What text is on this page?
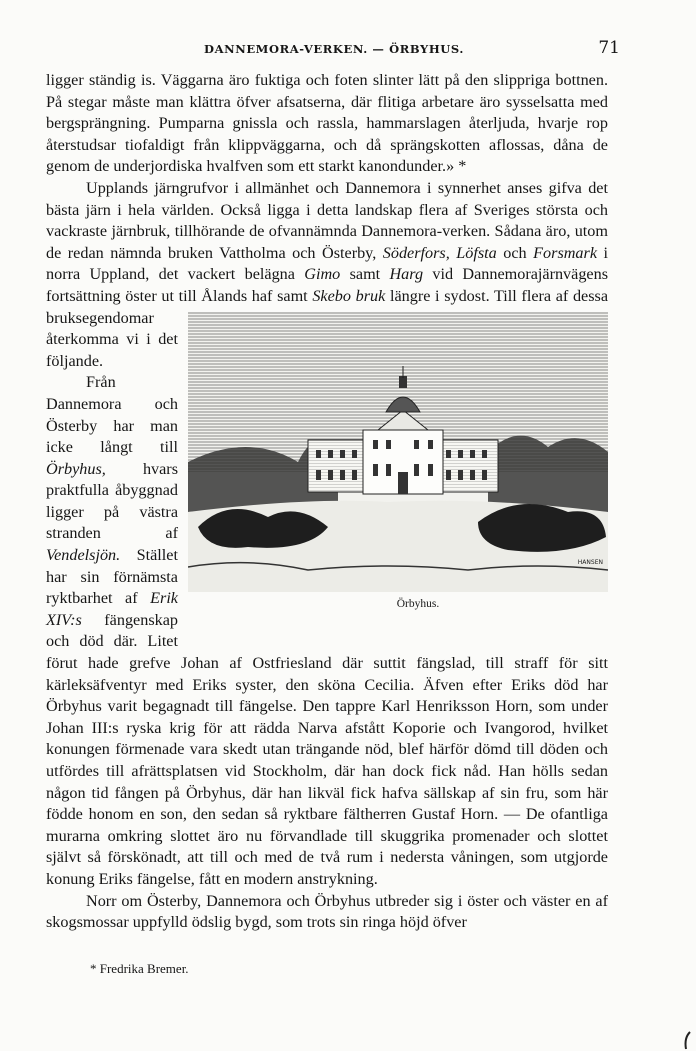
DANNEMORA-VERKEN. — ÖRBYHUS.	71

ligger ständig is. Väggarna äro fuktiga och foten slinter lätt på den slippriga bottnen. På stegar måste man klättra öfver afsatserna, där flitiga arbetare äro sysselsatta med bergsprängning. Pumparna gnissla och rassla, hammarslagen återljuda, hvarje rop återstudsar tiofaldigt från klippväggarna, och då sprängskotten aflossas, dåna de genom de underjordiska hvalfven som ett starkt kanondunder.» *

Upplands järngrufvor i allmänhet och Dannemora i synnerhet anses gifva det bästa järn i hela världen. Också ligga i detta landskap flera af Sveriges största och vackraste järnbruk, tillhörande de ofvannämnda Dannemora-verken. Sådana äro, utom de redan nämnda bruken Vattholma och Österby, Söderfors, Löfsta och Forsmark i norra Uppland, det vackert belägna Gimo samt Harg vid Dannemorajärnvägens fortsättning öster ut till Ålands haf samt
HANSEN
Örbyhus.
Skebo bruk längre i sydost. Till flera af dessa bruksegendomar återkomma vi i det följande.

Från Dannemora och Österby har man icke långt till Örbyhus, hvars praktfulla åbyggnad ligger på västra stranden af Vendelsjön. Stället har sin förnämsta ryktbarhet af Erik XIV:s fängenskap och död där. Litet förut hade grefve Johan af Ostfriesland där suttit fängslad, till straff för sitt kärleksäfventyr med Eriks syster, den sköna Cecilia. Äfven efter Eriks död har Örbyhus varit begagnadt till fängelse. Den tappre Karl Henriksson Horn, som under Johan III:s ryska krig för att rädda Narva afstått Koporie och Ivangorod, hvilket konungen förmenade vara skedt utan trängande nöd, blef härför dömd till döden och utfördes till afrättsplatsen vid Stockholm, där han dock fick nåd. Han hölls sedan någon tid fången på Örbyhus, där han likväl fick hafva sällskap af sin fru, som här födde honom en son, den sedan så ryktbare fältherren Gustaf Horn. — De ofantliga murarna omkring slottet äro nu förvandlade till skuggrika promenader och slottet självt så förskönadt, att till och med de två rum i nedersta våningen, som utgjorde konung Eriks fängelse, fått en modern anstrykning.

Norr om Österby, Dannemora och Örbyhus utbreder sig i öster och väster en af skogsmossar uppfylld ödslig bygd, som trots sin ringa höjd öfver

* Fredrika Bremer.
